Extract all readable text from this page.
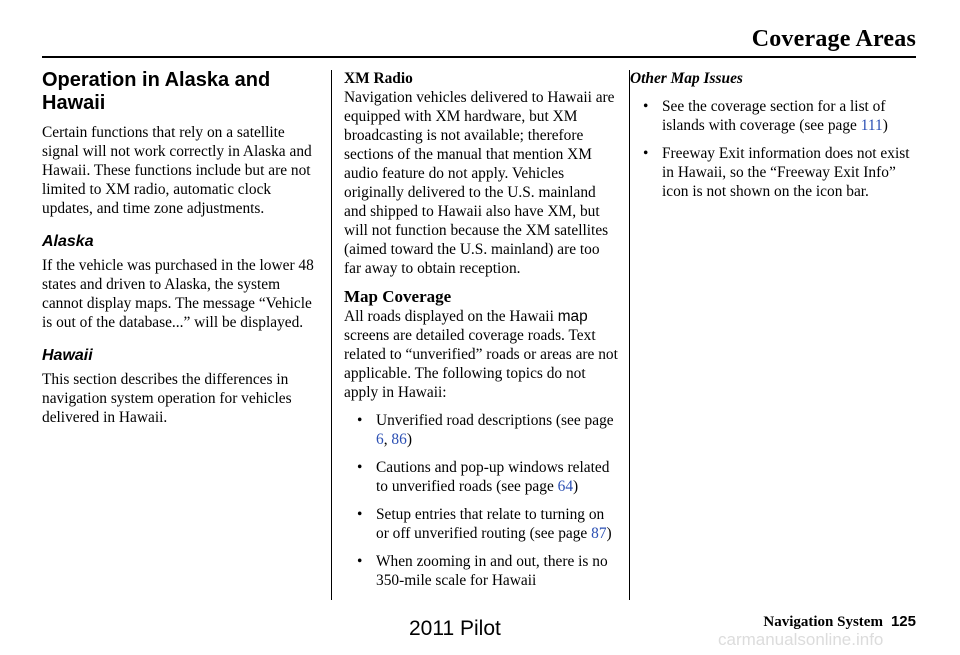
Coverage Areas
Operation in Alaska and Hawaii

Certain functions that rely on a satellite signal will not work correctly in Alaska and Hawaii. These functions include but are not limited to XM radio, automatic clock updates, and time zone adjustments.

Alaska

If the vehicle was purchased in the lower 48 states and driven to Alaska, the system cannot display maps. The message “Vehicle is out of the database...” will be displayed.

Hawaii

This section describes the differences in navigation system operation for vehicles delivered in Hawaii.

XM Radio

Navigation vehicles delivered to Hawaii are equipped with XM hardware, but XM broadcasting is not available; therefore sections of the manual that mention XM audio feature do not apply. Vehicles originally delivered to the U.S. mainland and shipped to Hawaii also have XM, but will not function because the XM satellites (aimed toward the U.S. mainland) are too far away to obtain reception.

Map Coverage

All roads displayed on the Hawaii map screens are detailed coverage roads. Text related to “unverified” roads or areas are not applicable. The following topics do not apply in Hawaii:

• Unverified road descriptions (see page 6, 86)
• Cautions and pop-up windows related to unverified roads (see page 64)
• Setup entries that relate to turning on or off unverified routing (see page 87)
• When zooming in and out, there is no 350-mile scale for Hawaii
Other Map Issues
• See the coverage section for a list of islands with coverage (see page 111)
• Freeway Exit information does not exist in Hawaii, so the “Freeway Exit Info” icon is not shown on the icon bar.
Navigation System 125
2011 Pilot	carmanualsonline.info
